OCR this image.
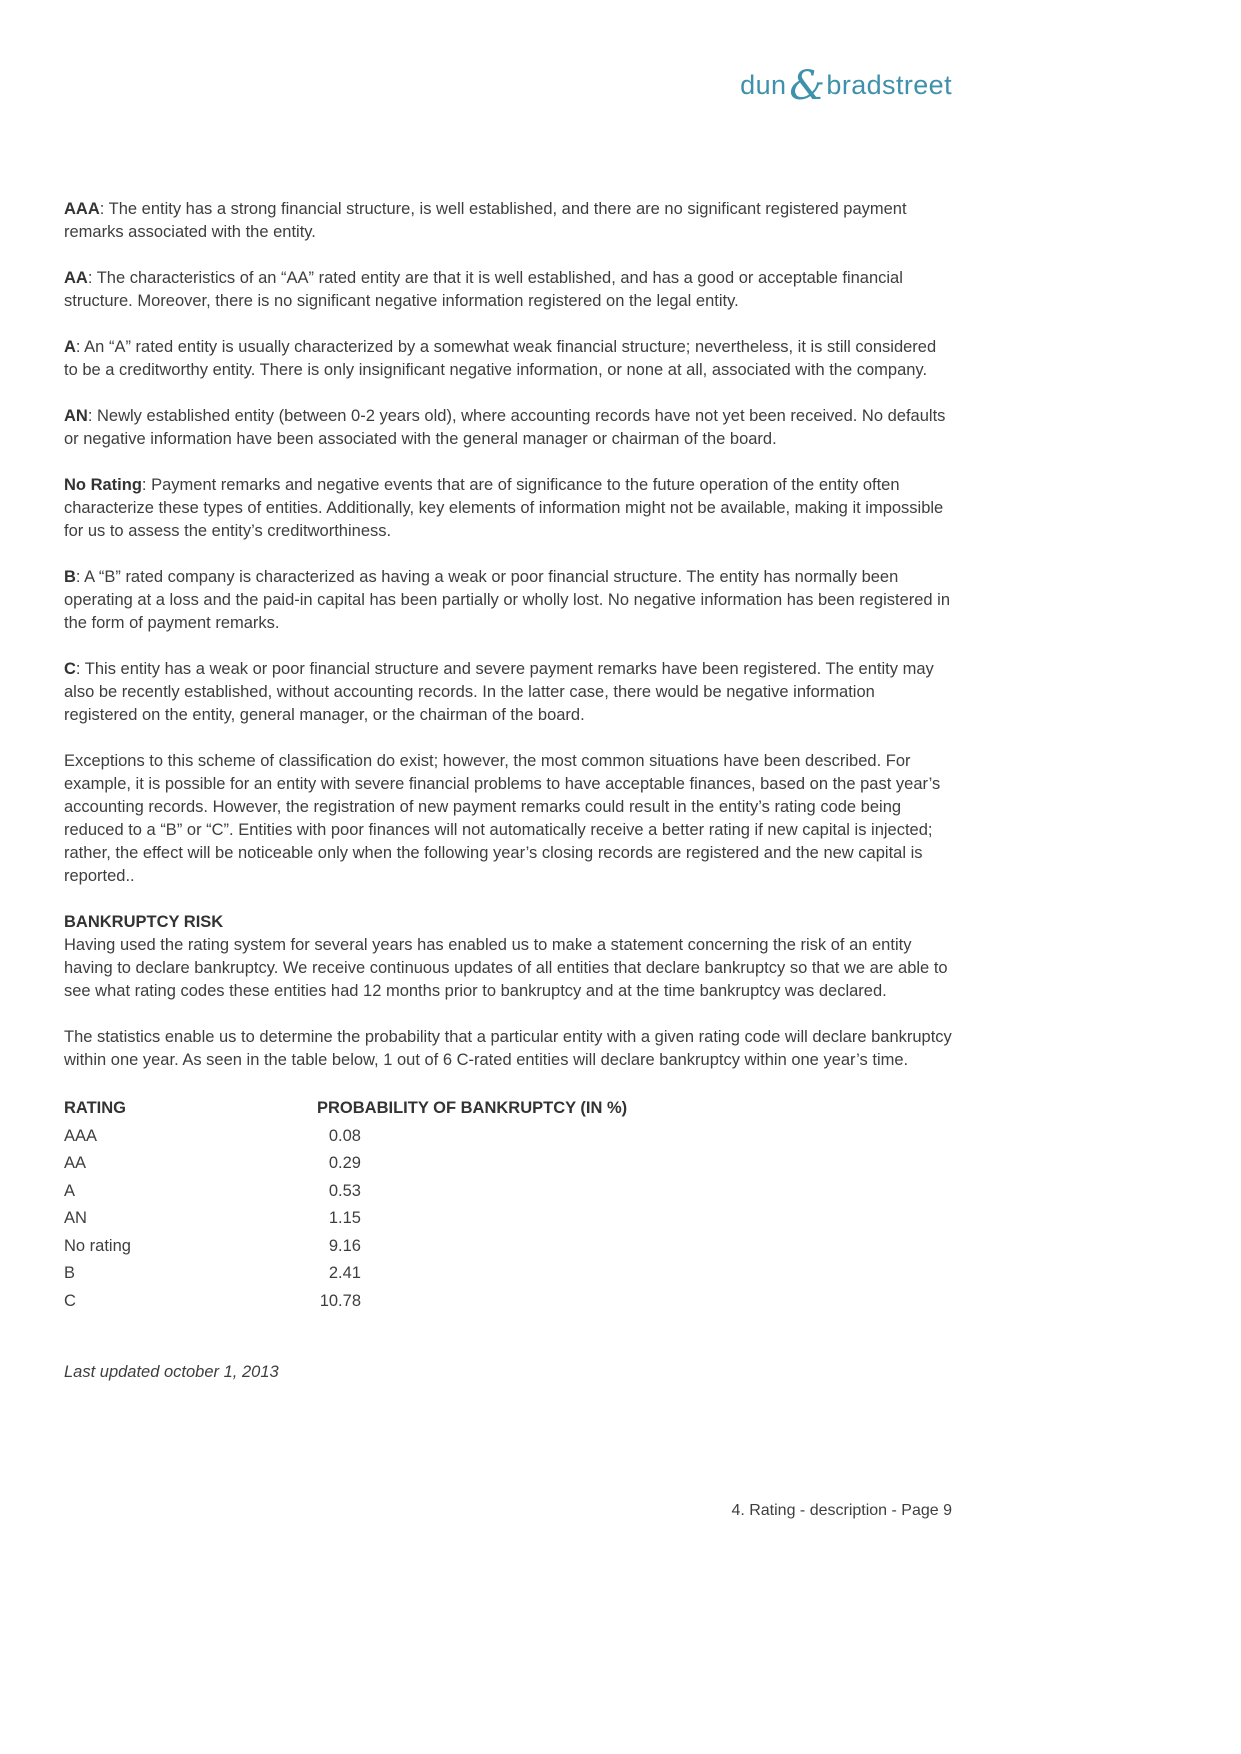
dun&bradstreet

AAA: The entity has a strong financial structure, is well established, and there are no significant registered payment remarks associated with the entity.

AA: The characteristics of an “AA” rated entity are that it is well established, and has a good or acceptable financial structure. Moreover, there is no significant negative information registered on the legal entity.

A: An “A” rated entity is usually characterized by a somewhat weak financial structure; nevertheless, it is still considered to be a creditworthy entity. There is only insignificant negative information, or none at all, associated with the company.

AN: Newly established entity (between 0-2 years old), where accounting records have not yet been received. No defaults or negative information have been associated with the general manager or chairman of the board.

No Rating: Payment remarks and negative events that are of significance to the future operation of the entity often characterize these types of entities. Additionally, key elements of information might not be available, making it impossible for us to assess the entity’s creditworthiness.

B: A “B” rated company is characterized as having a weak or poor financial structure. The entity has normally been operating at a loss and the paid-in capital has been partially or wholly lost. No negative information has been registered in the form of payment remarks.

C: This entity has a weak or poor financial structure and severe payment remarks have been registered. The entity may also be recently established, without accounting records. In the latter case, there would be negative information registered on the entity, general manager, or the chairman of the board.

Exceptions to this scheme of classification do exist; however, the most common situations have been described. For example, it is possible for an entity with severe financial problems to have acceptable finances, based on the past year’s accounting records. However, the registration of new payment remarks could result in the entity’s rating code being reduced to a “B” or “C”. Entities with poor finances will not automatically receive a better rating if new capital is injected; rather, the effect will be noticeable only when the following year’s closing records are registered and the new capital is reported..

BANKRUPTCY RISK

Having used the rating system for several years has enabled us to make a statement concerning the risk of an entity having to declare bankruptcy. We receive continuous updates of all entities that declare bankruptcy so that we are able to see what rating codes these entities had 12 months prior to bankruptcy and at the time bankruptcy was declared.

The statistics enable us to determine the probability that a particular entity with a given rating code will declare bankruptcy within one year. As seen in the table below, 1 out of 6 C-rated entities will declare bankruptcy within one year’s time.

RATING	PROBABILITY OF BANKRUPTCY (IN %)
AAA	0.08
AA	0.29
A	0.53
AN	1.15
No rating	9.16
B	2.41
C	10.78

Last updated october 1, 2013

4. Rating - description - Page 9
